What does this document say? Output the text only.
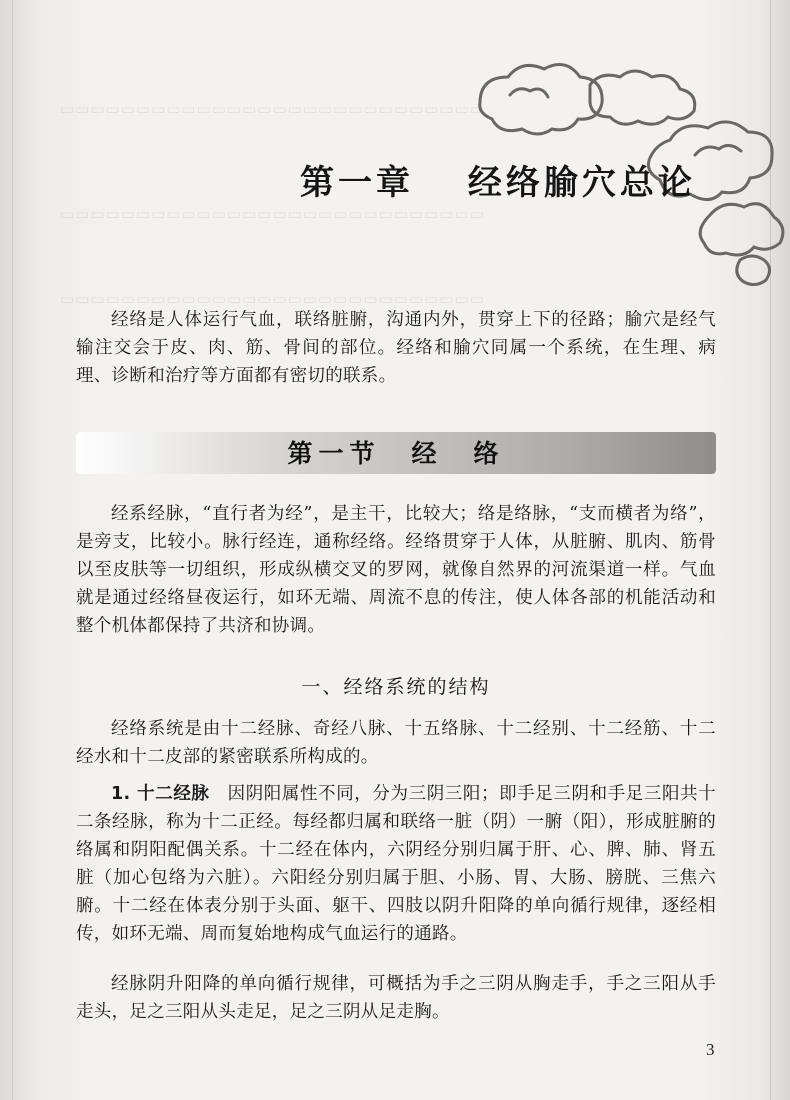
▭▭▭▭▭▭▭▭▭▭▭▭▭▭▭▭▭▭▭▭▭▭▭▭▭▭▭▭
▭▭▭▭▭▭▭▭▭▭▭▭▭▭▭▭▭▭▭▭▭▭▭▭▭▭▭▭
▭▭▭▭▭▭▭▭▭▭▭▭▭▭▭▭▭▭▭▭▭▭▭▭▭▭▭▭
第一章　 经络腧穴总论

经络是人体运行气血，联络脏腑，沟通内外，贯穿上下的径路；腧穴是经气输注交会于皮、肉、筋、骨间的部位。经络和腧穴同属一个系统，在生理、病理、诊断和治疗等方面都有密切的联系。

第一节　经　络

经系经脉，“直行者为经”，是主干，比较大；络是络脉，“支而横者为络”，是旁支，比较小。脉行经连，通称经络。经络贯穿于人体，从脏腑、肌肉、筋骨以至皮肤等一切组织，形成纵横交叉的罗网，就像自然界的河流渠道一样。气血就是通过经络昼夜运行，如环无端、周流不息的传注，使人体各部的机能活动和整个机体都保持了共济和协调。

一、经络系统的结构

经络系统是由十二经脉、奇经八脉、十五络脉、十二经别、十二经筋、十二经水和十二皮部的紧密联系所构成的。

1. 十二经脉　因阴阳属性不同，分为三阴三阳；即手足三阴和手足三阳共十二条经脉，称为十二正经。每经都归属和联络一脏（阴）一腑（阳），形成脏腑的络属和阴阳配偶关系。十二经在体内，六阴经分别归属于肝、心、脾、肺、肾五脏（加心包络为六脏）。六阳经分别归属于胆、小肠、胃、大肠、膀胱、三焦六腑。十二经在体表分别于头面、躯干、四肢以阴升阳降的单向循行规律，逐经相传，如环无端、周而复始地构成气血运行的通路。

经脉阴升阳降的单向循行规律，可概括为手之三阴从胸走手，手之三阳从手走头，足之三阳从头走足，足之三阴从足走胸。

3
